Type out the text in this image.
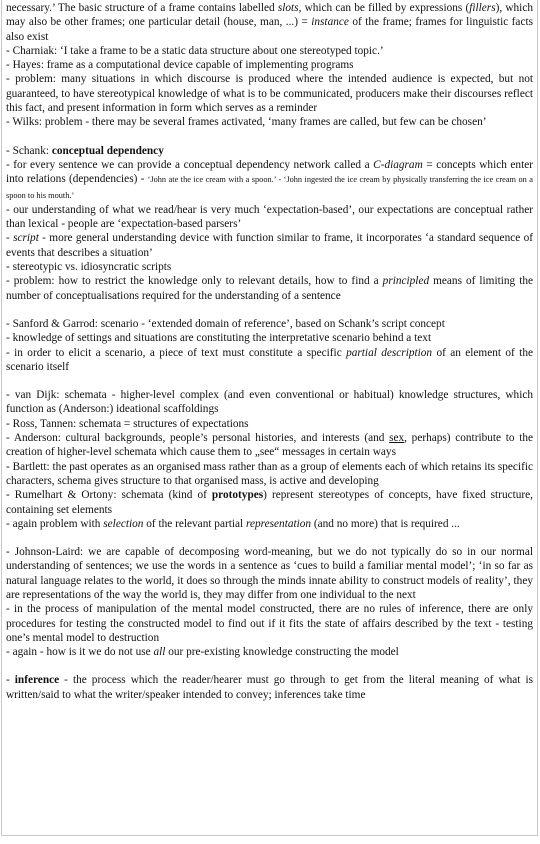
necessary.’ The basic structure of a frame contains labelled slots, which can be filled by expressions (fillers), which may also be other frames; one particular detail (house, man, ...) = instance of the frame; frames for linguistic facts also exist

- Charniak: ‘I take a frame to be a static data structure about one stereotyped topic.’

- Hayes: frame as a computational device capable of implementing programs

- problem: many situations in which discourse is produced where the intended audience is expected, but not guaranteed, to have stereotypical knowledge of what is to be communicated, producers make their discourses reflect this fact, and present information in form which serves as a reminder

- Wilks: problem - there may be several frames activated, ‘many frames are called, but few can be chosen’

- Schank: conceptual dependency

- for every sentence we can provide a conceptual dependency network called a C-diagram = concepts which enter into relations (dependencies) - ‘John ate the ice cream with a spoon.’ - ‘John ingested the ice cream by physically transferring the ice cream on a spoon to his mouth.’

- our understanding of what we read/hear is very much ‘expectation-based’, our expectations are conceptual rather than lexical - people are ‘expectation-based parsers’

- script - more general understanding device with function similar to frame, it incorporates ‘a standard sequence of events that describes a situation’

- stereotypic vs. idiosyncratic scripts

- problem: how to restrict the knowledge only to relevant details, how to find a principled means of limiting the number of conceptualisations required for the understanding of a sentence

- Sanford & Garrod: scenario - ‘extended domain of reference’, based on Schank’s script concept

- knowledge of settings and situations are constituting the interpretative scenario behind a text

- in order to elicit a scenario, a piece of text must constitute a specific partial description of an element of the scenario itself

- van Dijk: schemata - higher-level complex (and even conventional or habitual) knowledge structures, which function as (Anderson:) ideational scaffoldings

- Ross, Tannen: schemata = structures of expectations

- Anderson: cultural backgrounds, people’s personal histories, and interests (and sex, perhaps) contribute to the creation of higher-level schemata which cause them to „see“ messages in certain ways

- Bartlett: the past operates as an organised mass rather than as a group of elements each of which retains its specific characters, schema gives structure to that organised mass, is active and developing

- Rumelhart & Ortony: schemata (kind of prototypes) represent stereotypes of concepts, have fixed structure, containing set elements

- again problem with selection of the relevant partial representation (and no more) that is required ...

- Johnson-Laird: we are capable of decomposing word-meaning, but we do not typically do so in our normal understanding of sentences; we use the words in a sentence as ‘cues to build a familiar mental model’; ‘in so far as natural language relates to the world, it does so through the minds innate ability to construct models of reality’, they are representations of the way the world is, they may differ from one individual to the next

- in the process of manipulation of the mental model constructed, there are no rules of inference, there are only procedures for testing the constructed model to find out if it fits the state of affairs described by the text - testing one’s mental model to destruction

- again - how is it we do not use all our pre-existing knowledge constructing the model

- inference - the process which the reader/hearer must go through to get from the literal meaning of what is written/said to what the writer/speaker intended to convey; inferences take time
